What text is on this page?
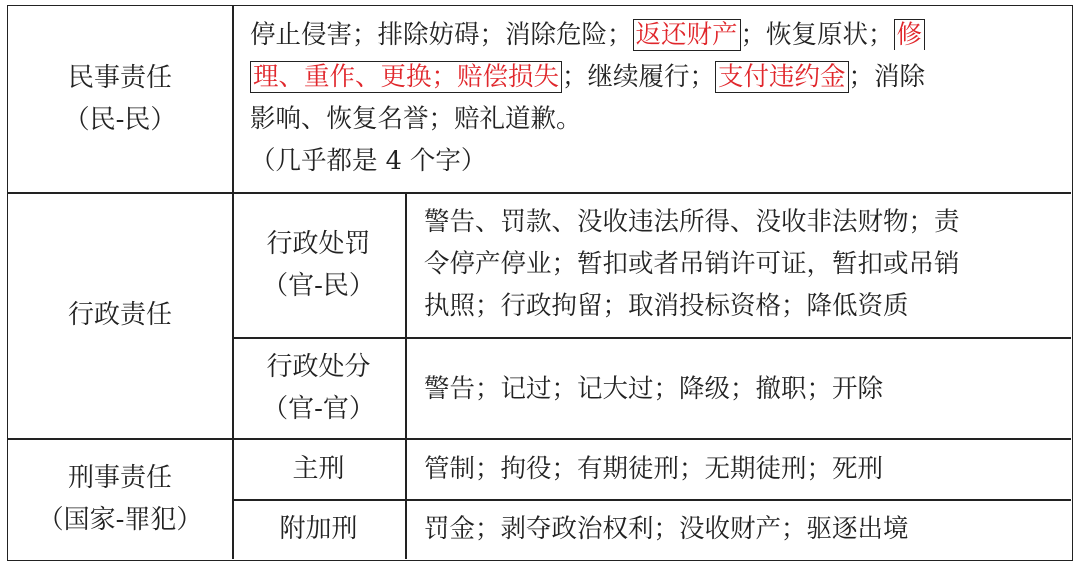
民事责任
（民-民）
停止侵害；排除妨碍；消除危险； 返还财产 ；恢复原状； 修
理、重作、更换；赔偿损失 ；继续履行； 支付违约金 ；消除
影响、恢复名誉；赔礼道歉。
（几乎都是 4 个字）
行政责任
行政处罚
（官-民）
警告、罚款、没收违法所得、没收非法财物；责
令停产停业；暂扣或者吊销许可证，暂扣或吊销
执照；行政拘留；取消投标资格；降低资质
行政处分
（官-官）
警告；记过；记大过；降级；撤职；开除
刑事责任
（国家-罪犯）
主刑	管制；拘役；有期徒刑；无期徒刑；死刑
附加刑	罚金；剥夺政治权利；没收财产；驱逐出境
